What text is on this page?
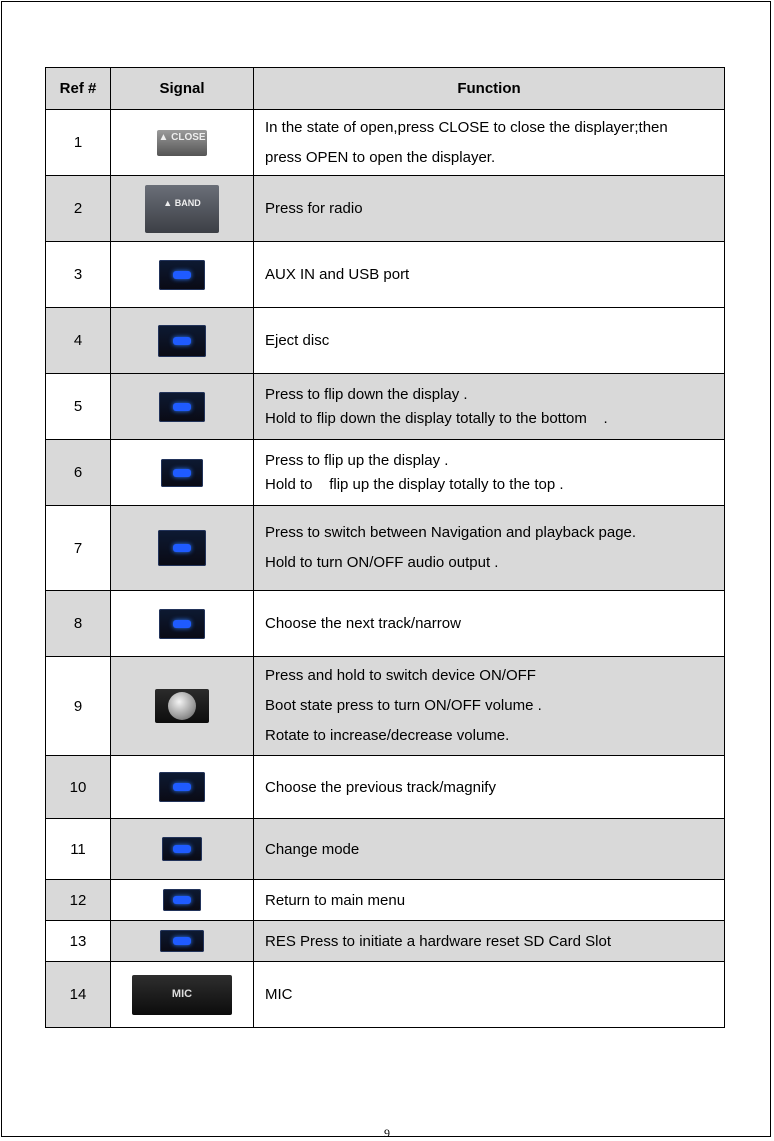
Ref #	Signal	Function
1	▲ CLOSE	In the state of open,press CLOSE to close the displayer;then
press OPEN to open the displayer.

2	▲ BAND	Press for radio

3		AUX IN and USB port

4		Eject disc

5		Press to flip down the display .
Hold to flip down the display totally to the bottom    .

6		Press to flip up the display .
Hold to    flip up the display totally to the top .

7		Press to switch between Navigation and playback page.
Hold to turn ON/OFF audio output .

8		Choose the next track/narrow

9		Press and hold to switch device ON/OFF
Boot state press to turn ON/OFF volume .
Rotate to increase/decrease volume.

10		Choose the previous track/magnify

11		Change mode

12		Return to main menu

13		RES Press to initiate a hardware reset SD Card Slot

14	MIC	MIC
9
